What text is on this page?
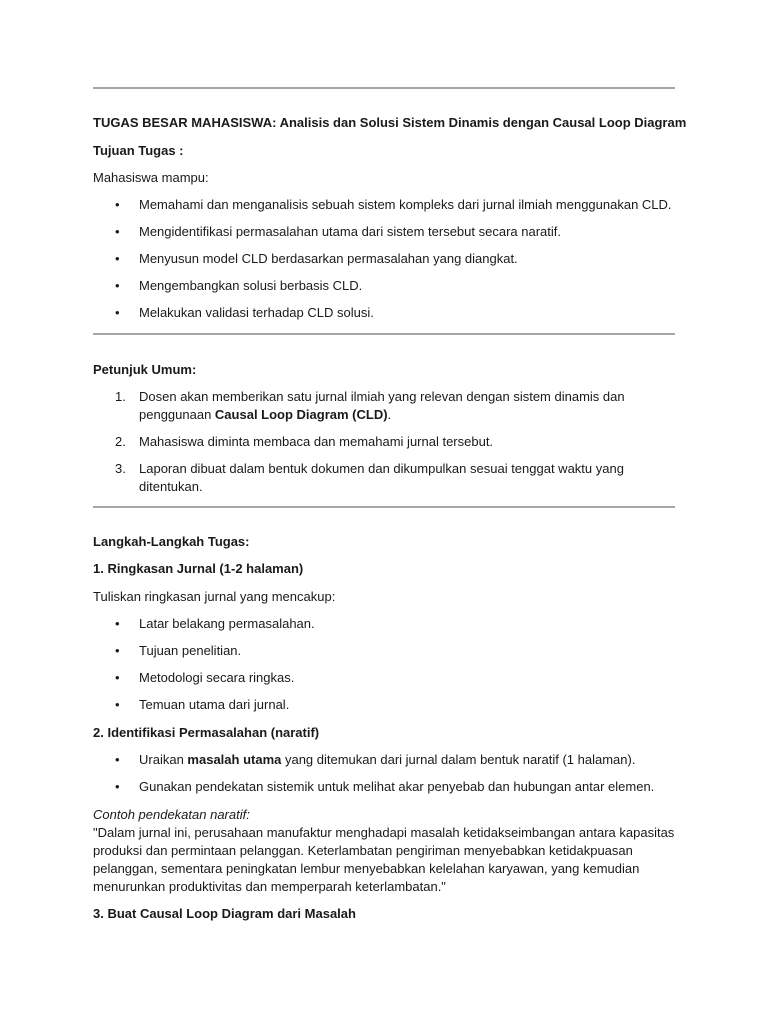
TUGAS BESAR MAHASISWA: Analisis dan Solusi Sistem Dinamis dengan Causal Loop Diagram

Tujuan Tugas :

Mahasiswa mampu:

• Memahami dan menganalisis sebuah sistem kompleks dari jurnal ilmiah menggunakan CLD.
• Mengidentifikasi permasalahan utama dari sistem tersebut secara naratif.
• Menyusun model CLD berdasarkan permasalahan yang diangkat.
• Mengembangkan solusi berbasis CLD.
• Melakukan validasi terhadap CLD solusi.

Petunjuk Umum:

1. Dosen akan memberikan satu jurnal ilmiah yang relevan dengan sistem dinamis dan penggunaan Causal Loop Diagram (CLD).
2. Mahasiswa diminta membaca dan memahami jurnal tersebut.
3. Laporan dibuat dalam bentuk dokumen dan dikumpulkan sesuai tenggat waktu yang ditentukan.

Langkah-Langkah Tugas:

1. Ringkasan Jurnal (1-2 halaman)

Tuliskan ringkasan jurnal yang mencakup:

• Latar belakang permasalahan.
• Tujuan penelitian.
• Metodologi secara ringkas.
• Temuan utama dari jurnal.

2. Identifikasi Permasalahan (naratif)

• Uraikan masalah utama yang ditemukan dari jurnal dalam bentuk naratif (1 halaman).
• Gunakan pendekatan sistemik untuk melihat akar penyebab dan hubungan antar elemen.

Contoh pendekatan naratif:

"Dalam jurnal ini, perusahaan manufaktur menghadapi masalah ketidakseimbangan antara kapasitas produksi dan permintaan pelanggan. Keterlambatan pengiriman menyebabkan ketidakpuasan pelanggan, sementara peningkatan lembur menyebabkan kelelahan karyawan, yang kemudian menurunkan produktivitas dan memperparah keterlambatan."

3. Buat Causal Loop Diagram dari Masalah
